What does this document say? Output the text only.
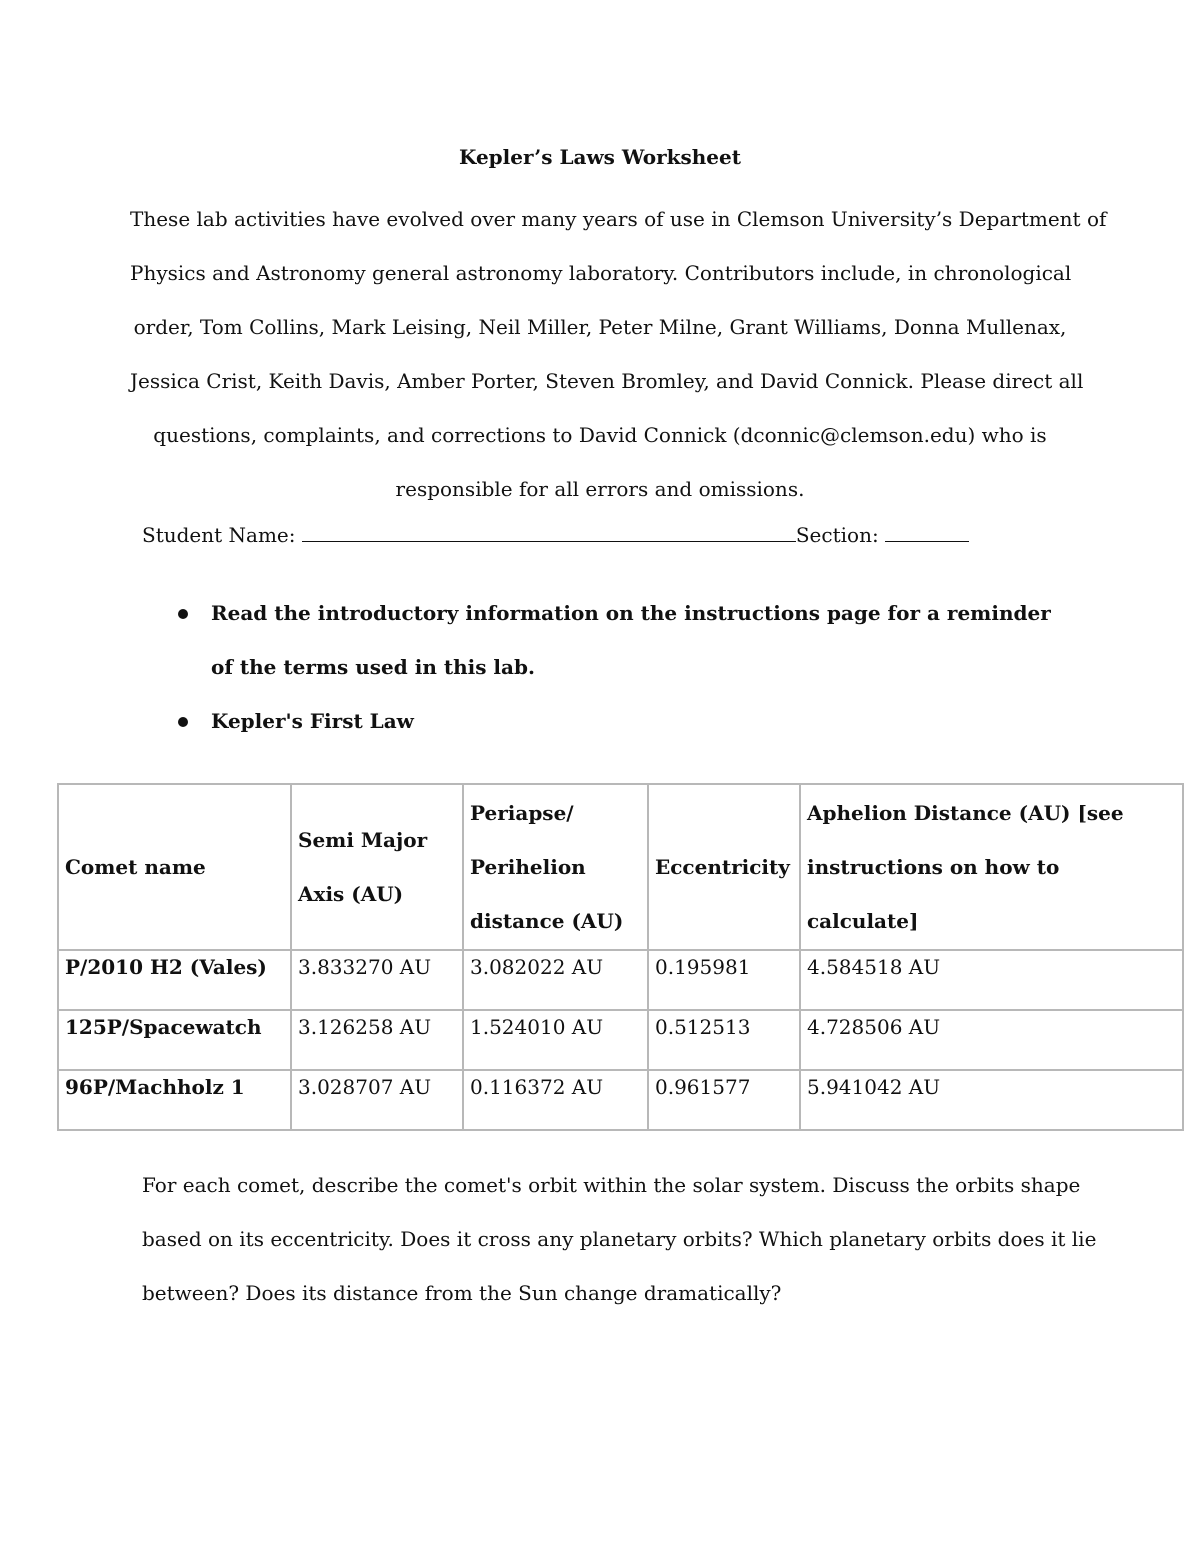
Kepler’s Laws Worksheet
These lab activities have evolved over many years of use in Clemson University’s Department of
Physics and Astronomy general astronomy laboratory. Contributors include, in chronological
order, Tom Collins, Mark Leising, Neil Miller, Peter Milne, Grant Williams, Donna Mullenax,
Jessica Crist, Keith Davis, Amber Porter, Steven Bromley, and David Connick. Please direct all
questions, complaints, and corrections to David Connick (dconnic@clemson.edu) who is
responsible for all errors and omissions.
Student Name:	Section:
Read the introductory information on the instructions page for a reminder of the terms used in this lab.
Kepler's First Law
Comet name	Semi Major Axis (AU)	Periapse/ Perihelion distance (AU)	Eccentricity	Aphelion Distance (AU) [see instructions on how to calculate]
P/2010 H2 (Vales)	3.833270 AU	3.082022 AU	0.195981	4.584518 AU
125P/Spacewatch	3.126258 AU	1.524010 AU	0.512513	4.728506 AU
96P/Machholz 1	3.028707 AU	0.116372 AU	0.961577	5.941042 AU
For each comet, describe the comet's orbit within the solar system. Discuss the orbits shape
based on its eccentricity. Does it cross any planetary orbits? Which planetary orbits does it lie
between? Does its distance from the Sun change dramatically?
